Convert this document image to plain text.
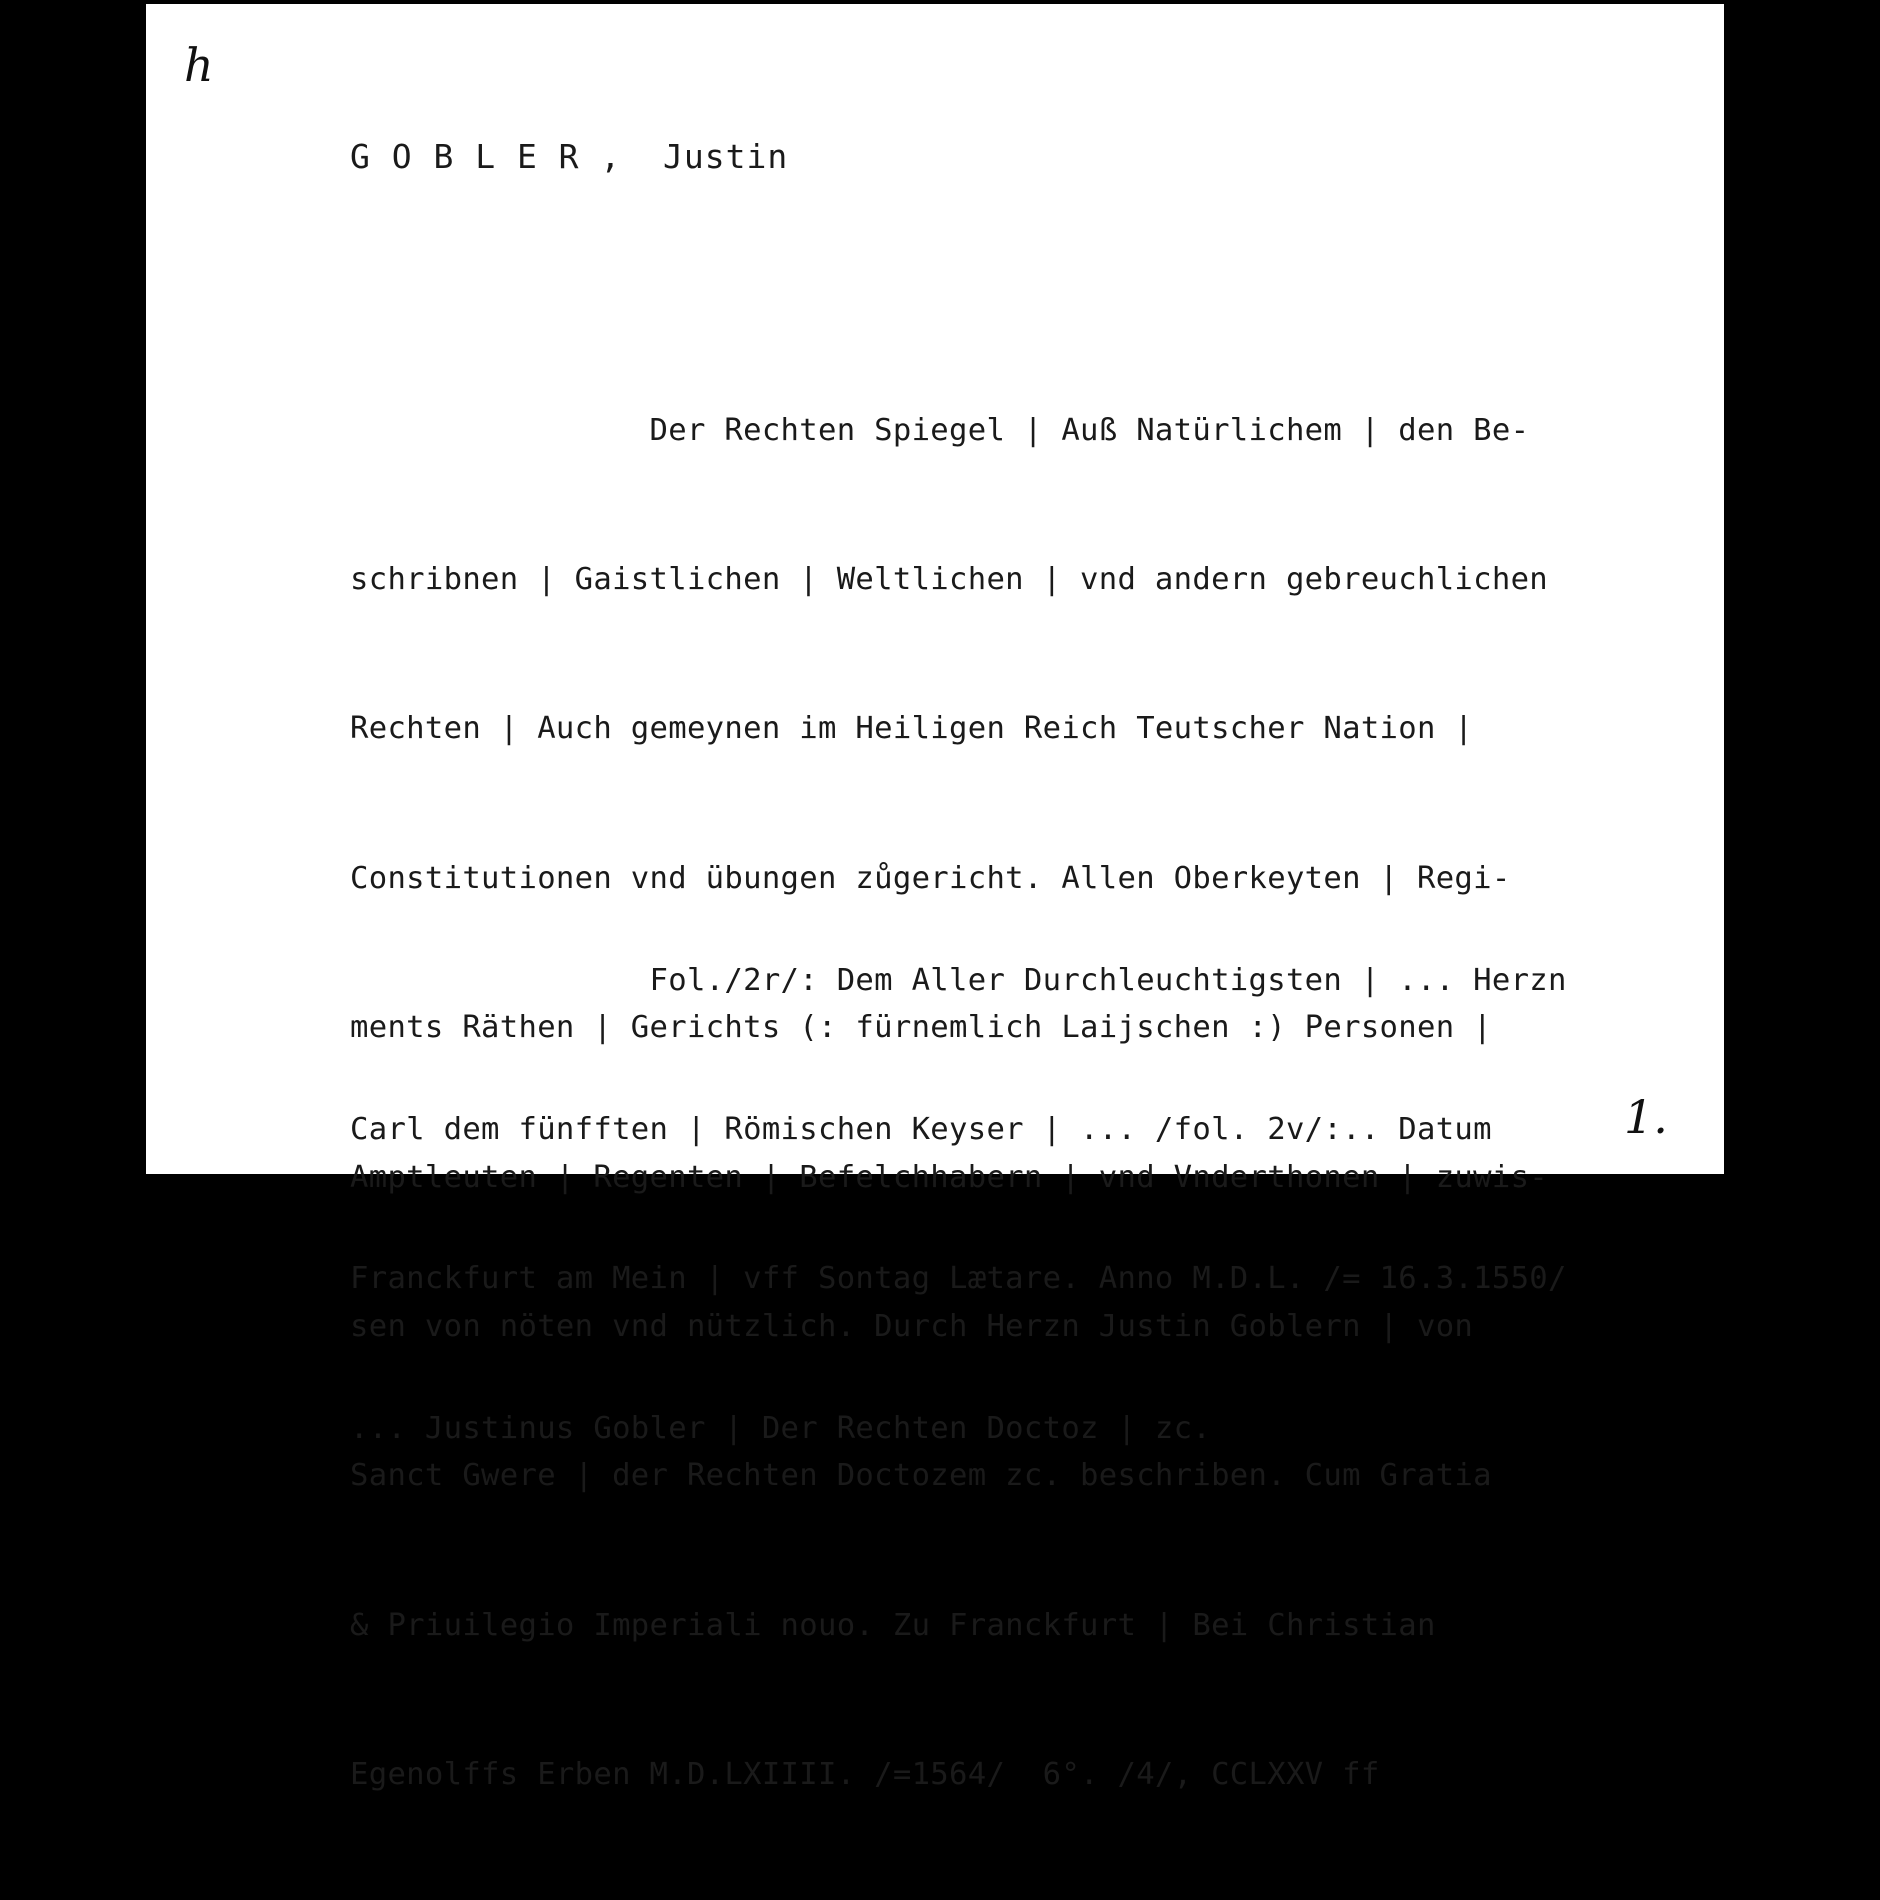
h
G O B L E R ,  Justin

Der Rechten Spiegel | Auß Natürlichem | den Be-

schribnen | Gaistlichen | Weltlichen | vnd andern gebreuchlichen

Rechten | Auch gemeynen im Heiligen Reich Teutscher Nation |

Constitutionen vnd übungen zůgericht. Allen Oberkeyten | Regi-

ments Räthen | Gerichts (: fürnemlich Laijschen :) Personen |

Amptleuten | Regenten | Befelchhabern | vnd Vnderthonen | zuwis-

sen von nöten vnd nützlich. Durch Herzn Justin Goblern | von

Sanct Gwere | der Rechten Doctozem zc. beschriben. Cum Gratia

& Priuilegio Imperiali nouo. Zu Franckfurt | Bei Christian

Egenolffs Erben M.D.LXIIII. /=1564/  6°. /4/, CCLXXV ff

Fol./2r/: Dem Aller Durchleuchtigsten | ... Herzn

Carl dem fünfften | Römischen Keyser | ... /fol. 2v/:.. Datum

Franckfurt am Mein | vff Sontag Lætare. Anno M.D.L. /= 16.3.1550/

... Justinus Gobler | Der Rechten Doctoz | zc.

1.
